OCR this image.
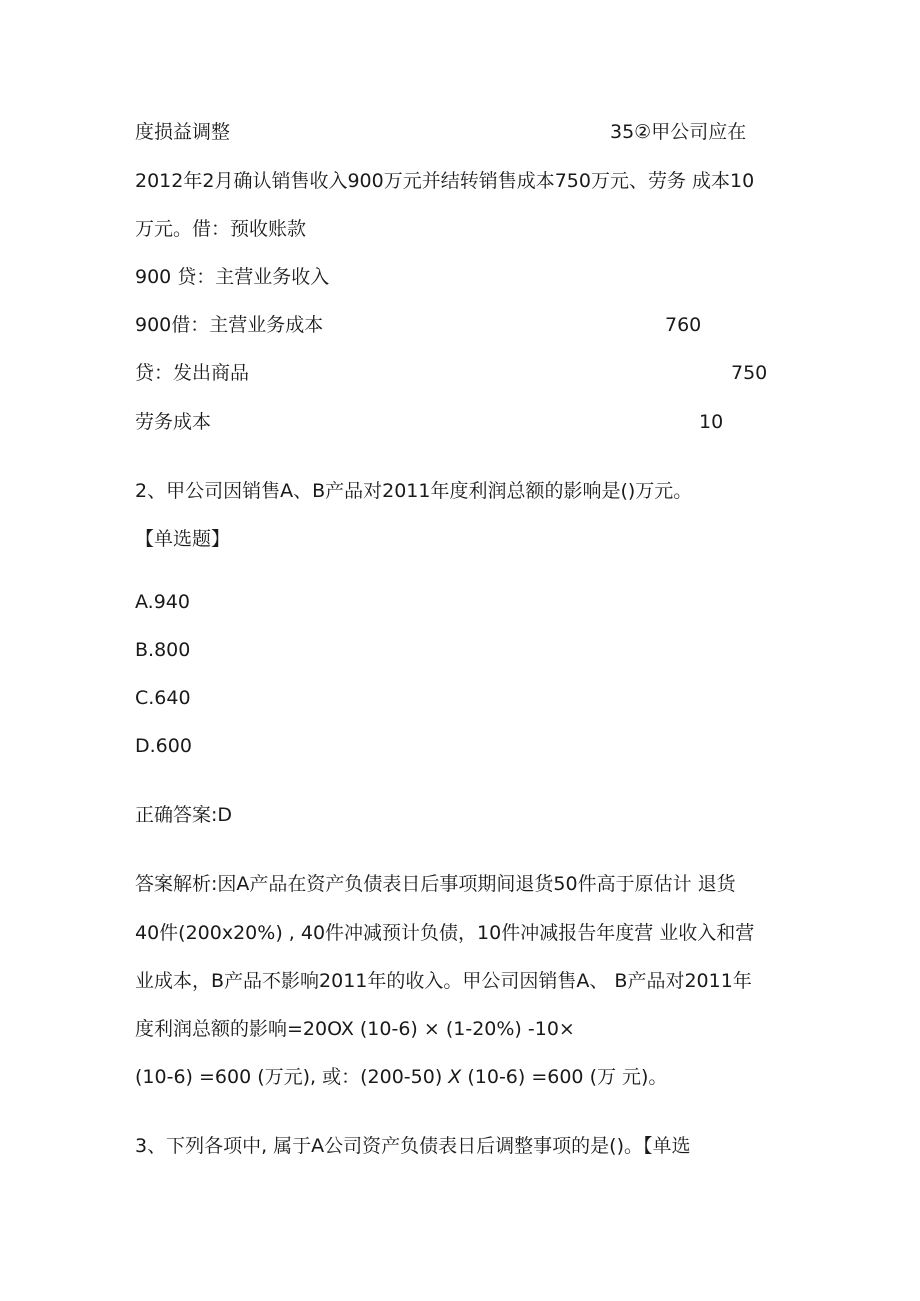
度损益调整	35②甲公司应在
2012年2月确认销售收入900万元并结转销售成本750万元、劳务 成本10
万元。借：预收账款
900 贷：主营业务收入
900借：主营业务成本	760
贷：发出商品	750
劳务成本	10
2、甲公司因销售A、B产品对2011年度利润总额的影响是()万元。
【单选题】
A.940
B.800
C.640
D.600
正确答案:D
答案解析:因A产品在资产负债表日后事项期间退货50件高于原估计 退货
40件(200x20%) , 40件冲减预计负债，10件冲减报告年度营 业收入和营
业成本，B产品不影响2011年的收入。甲公司因销售A、 B产品对2011年
度利润总额的影响=20OX (10-6) × (1-20%) -10×
(10-6) =600 (万元), 或：(200-50) X (10-6) =600 (万 元)。
3、下列各项中, 属于A公司资产负债表日后调整事项的是()。【单选
